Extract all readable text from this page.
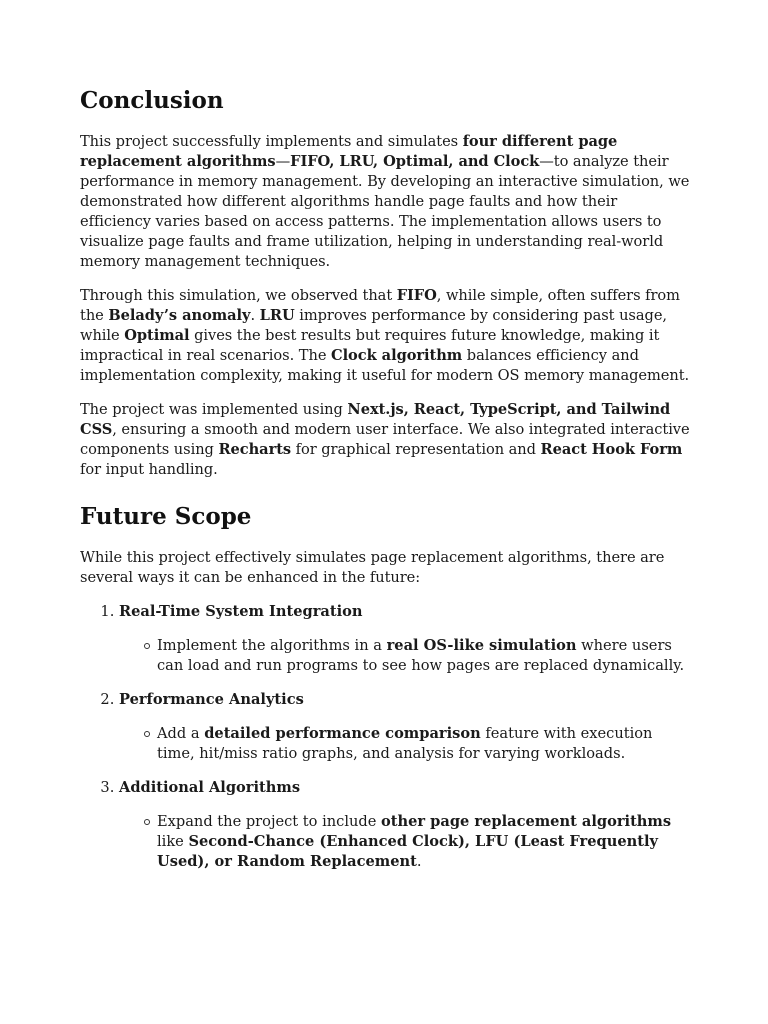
Conclusion

This project successfully implements and simulates four different page replacement algorithms—FIFO, LRU, Optimal, and Clock—to analyze their performance in memory management. By developing an interactive simulation, we demonstrated how different algorithms handle page faults and how their efficiency varies based on access patterns. The implementation allows users to visualize page faults and frame utilization, helping in understanding real-world memory management techniques.

Through this simulation, we observed that FIFO, while simple, often suffers from the Belady’s anomaly. LRU improves performance by considering past usage, while Optimal gives the best results but requires future knowledge, making it impractical in real scenarios. The Clock algorithm balances efficiency and implementation complexity, making it useful for modern OS memory management.

The project was implemented using Next.js, React, TypeScript, and Tailwind CSS, ensuring a smooth and modern user interface. We also integrated interactive components using Recharts for graphical representation and React Hook Form for input handling.

Future Scope

While this project effectively simulates page replacement algorithms, there are several ways it can be enhanced in the future:

1. Real-Time System Integration
Implement the algorithms in a real OS-like simulation where users can load and run programs to see how pages are replaced dynamically.
2. Performance Analytics
Add a detailed performance comparison feature with execution time, hit/miss ratio graphs, and analysis for varying workloads.
3. Additional Algorithms
Expand the project to include other page replacement algorithms like Second-Chance (Enhanced Clock), LFU (Least Frequently Used), or Random Replacement.
